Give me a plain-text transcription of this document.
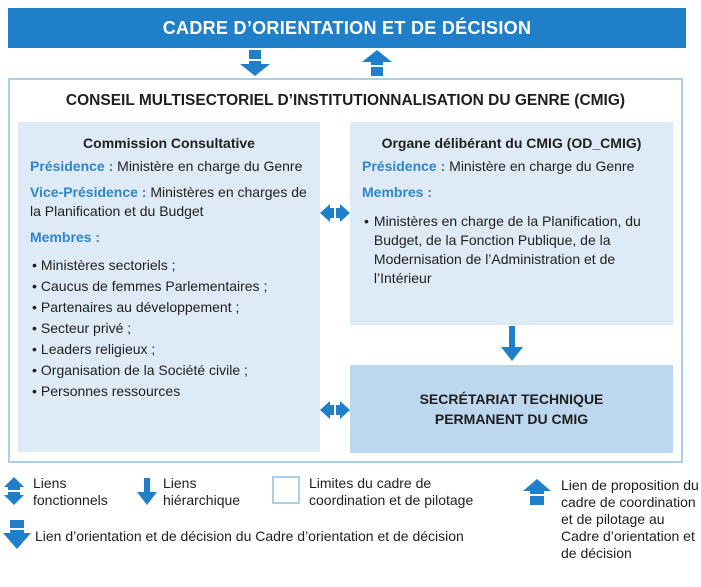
CADRE D’ORIENTATION ET DE DÉCISION
CONSEIL MULTISECTORIEL D’INSTITUTIONNALISATION DU GENRE (CMIG)
Commission Consultative
Présidence : Ministère en charge du Genre
Vice-Présidence : Ministères en charges de la Planification et du Budget
Membres :
• Ministères sectoriels ;
• Caucus de femmes Parlementaires ;
• Partenaires au développement ;
• Secteur privé ;
• Leaders religieux ;
• Organisation de la Société civile ;
• Personnes ressources
Organe délibérant du CMIG (OD_CMIG)
Présidence : Ministère en charge du Genre
Membres :
• Ministères en charge de la Planification, du Budget, de la Fonction Publique, de la Modernisation de l’Administration et de l’Intérieur
SECRÉTARIAT TECHNIQUE
PERMANENT DU CMIG
Liens fonctionnels
Liens hiérarchique
Limites du cadre de coordination et de pilotage
Lien de proposition du cadre de coordination et de pilotage au Cadre d’orientation et de décision
Lien d’orientation et de décision du Cadre d’orientation et de décision
